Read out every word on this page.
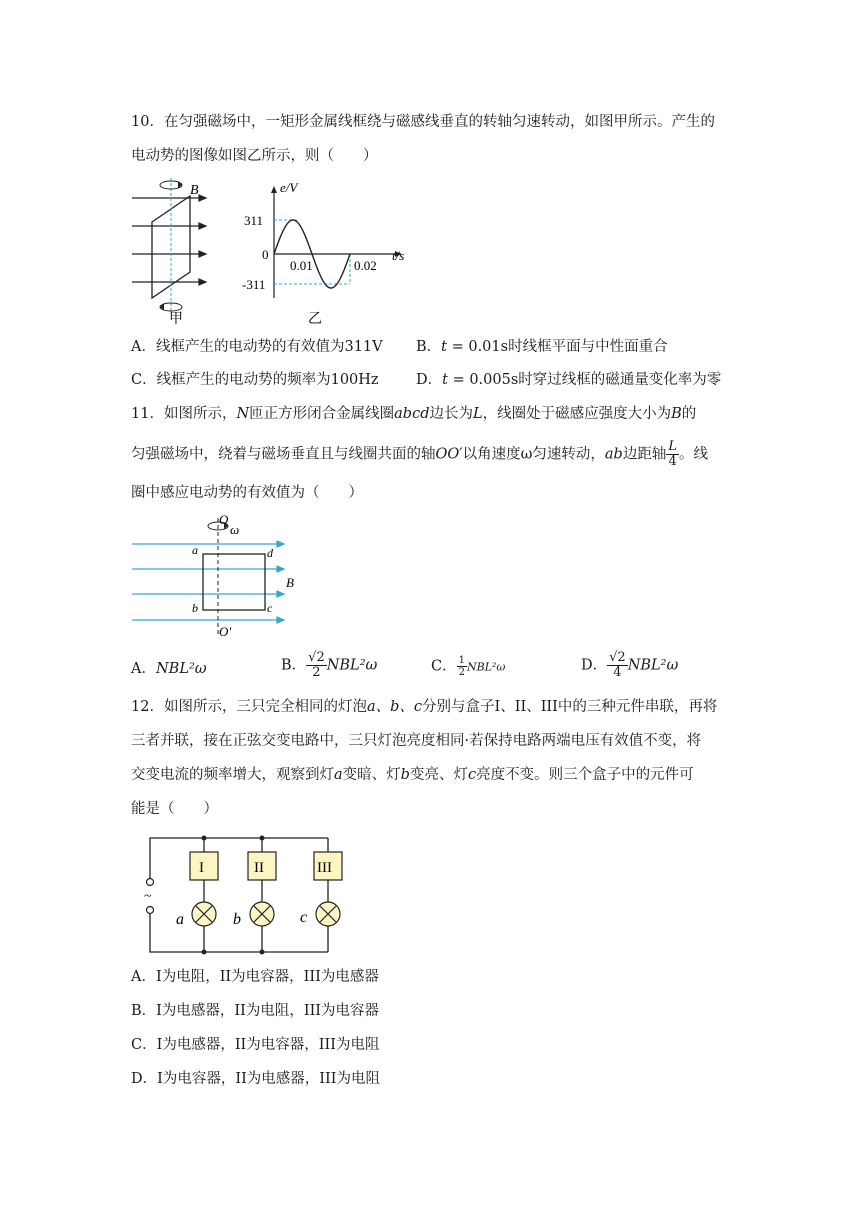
10．在匀强磁场中，一矩形金属线框绕与磁感线垂直的转轴匀速转动，如图甲所示。产生的
电动势的图像如图乙所示，则（　　）
B
甲
e/V
311
0
-311
0.01	0.02
t/s
乙
A．线框产生的电动势的有效值为311V B．t = 0.01s时线框平面与中性面重合
C．线框产生的电动势的频率为100Hz	D．t = 0.005s时穿过线框的磁通量变化率为零
11．如图所示，N匝正方形闭合金属线圈abcd边长为L，线圈处于磁感应强度大小为B的
匀强磁场中，绕着与磁场垂直且与线圈共面的轴OO′以角速度ω匀速转动，ab边距轴 $\frac{L}{4}$ 。线
圈中感应电动势的有效值为（　　）
O
ω
a	d
B
b	c
O′
A．NBL²ω	B． $\frac{√2}{2} NBL^2\omega$	C． $\frac{1}{2} NBL^2\omega$	D． $\frac{√2}{4} NBL^2\omega$
12．如图所示，三只完全相同的灯泡a、b、c分别与盒子I、II、III中的三种元件串联，再将
三者并联，接在正弦交变电路中，三只灯泡亮度相同·若保持电路两端电压有效值不变，将
交变电流的频率增大，观察到灯a变暗、灯b变亮、灯c亮度不变。则三个盒子中的元件可
能是（　　）
~
I	II	III
a	b	c
A．I为电阻，II为电容器，III为电感器
B．I为电感器，II为电阻，III为电容器
C．I为电感器，II为电容器，III为电阻
D．I为电容器，II为电感器，III为电阻
